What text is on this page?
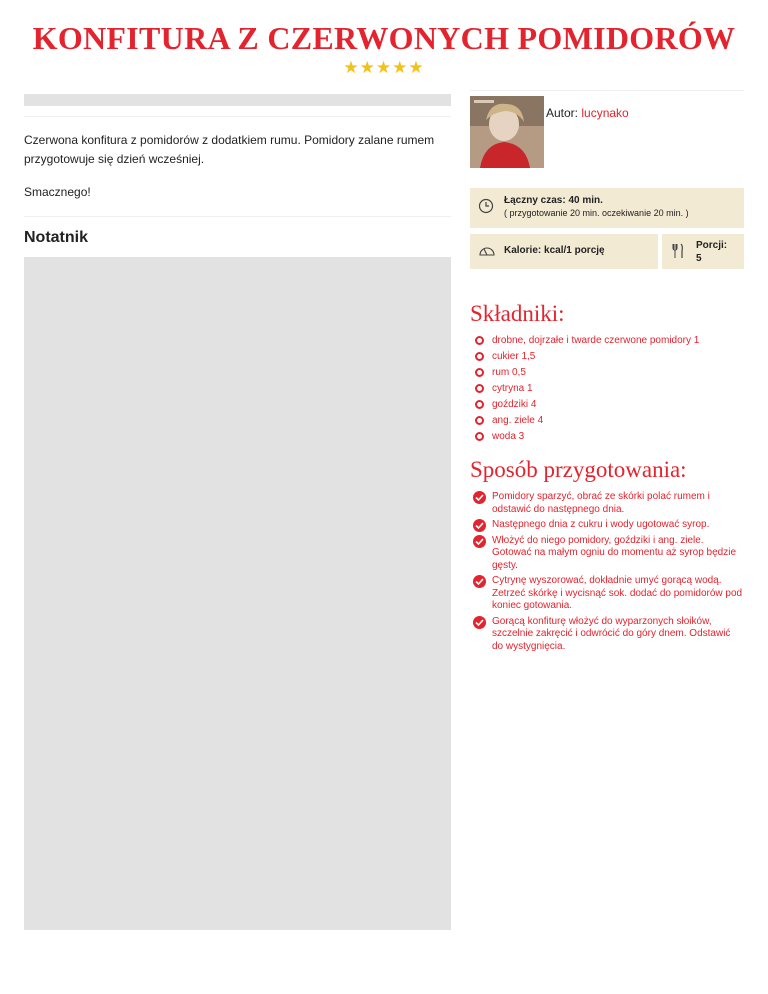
KONFITURA Z CZERWONYCH POMIDORÓW
★★★★★

Czerwona konfitura z pomidorów z dodatkiem rumu. Pomidory zalane rumem przygotowuje się dzień wcześniej.

Smacznego!

Notatnik
Autor: lucynako
Łączny czas: 40 min.
( przygotowanie 20 min. oczekiwanie 20 min. )
Kalorie: kcal/1 porcję	Porcji:
5
Składniki:
drobne, dojrzałe i twarde czerwone pomidory 1
cukier 1,5
rum 0,5
cytryna 1
goździki 4
ang. ziele 4
woda 3
Sposób przygotowania:
Pomidory sparzyć, obrać ze skórki polać rumem i odstawić do następnego dnia.
Następnego dnia z cukru i wody ugotować syrop.
Włożyć do niego pomidory, goździki i ang. ziele. Gotować na małym ogniu do momentu aż syrop będzie gęsty.
Cytrynę wyszorować, dokładnie umyć gorącą wodą. Zetrzeć skórkę i wycisnąć sok. dodać do pomidorów pod koniec gotowania.
Gorącą konfiturę włożyć do wyparzonych słoików, szczelnie zakręcić i odwrócić do góry dnem. Odstawić do wystygnięcia.
